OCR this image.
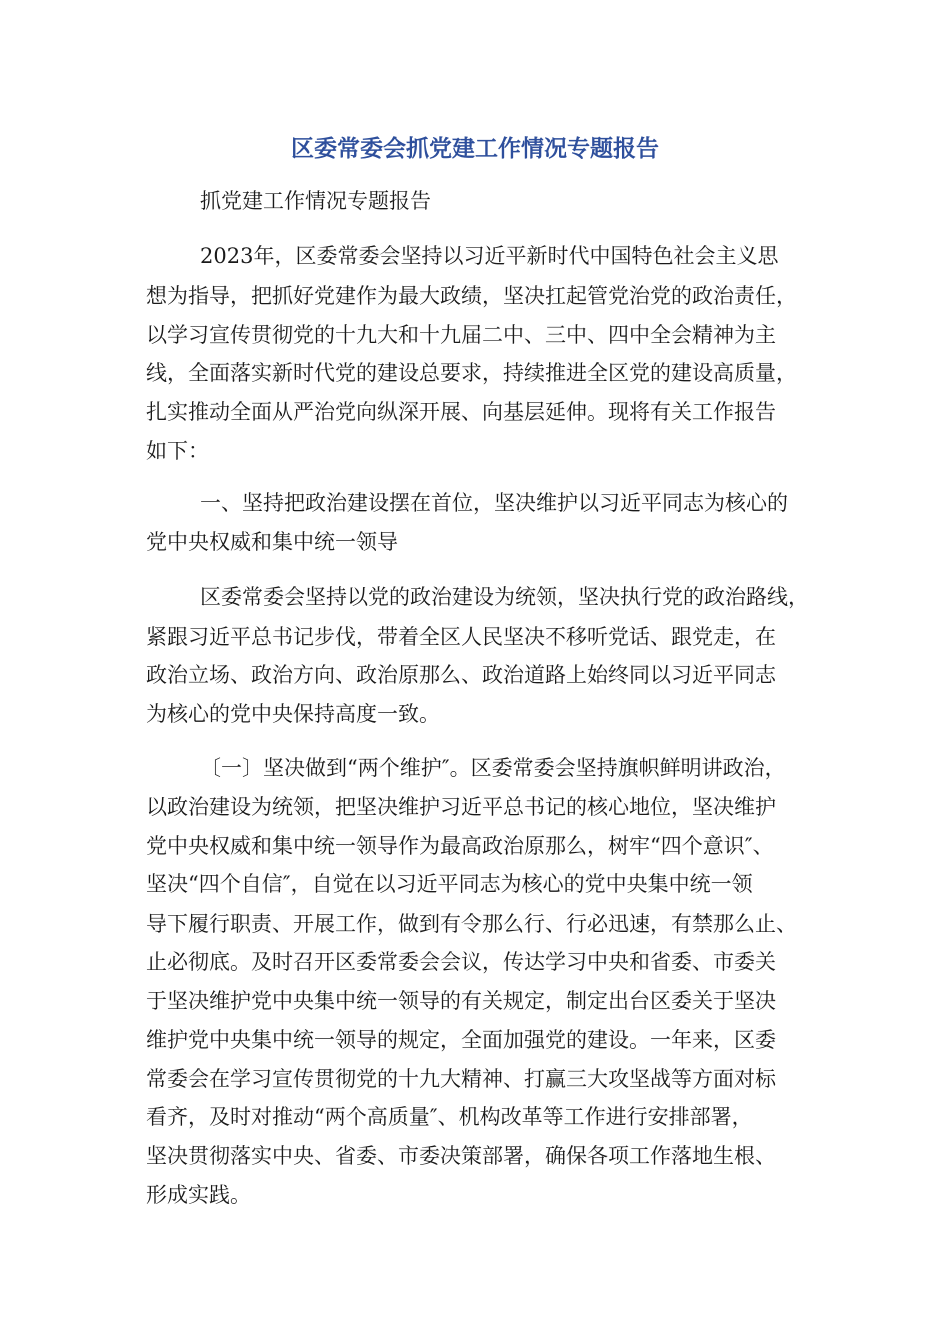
区委常委会抓党建工作情况专题报告
抓党建工作情况专题报告
2023年，区委常委会坚持以习近平新时代中国特色社会主义思
想为指导，把抓好党建作为最大政绩，坚决扛起管党治党的政治责任，
以学习宣传贯彻党的十九大和十九届二中、三中、四中全会精神为主
线，全面落实新时代党的建设总要求，持续推进全区党的建设高质量，
扎实推动全面从严治党向纵深开展、向基层延伸。现将有关工作报告
如下：
一、坚持把政治建设摆在首位，坚决维护以习近平同志为核心的
党中央权威和集中统一领导
区委常委会坚持以党的政治建设为统领，坚决执行党的政治路线，
紧跟习近平总书记步伐，带着全区人民坚决不移听党话、跟党走，在
政治立场、政治方向、政治原那么、政治道路上始终同以习近平同志
为核心的党中央保持高度一致。
〔一〕坚决做到“两个维护″。区委常委会坚持旗帜鲜明讲政治，
以政治建设为统领，把坚决维护习近平总书记的核心地位，坚决维护
党中央权威和集中统一领导作为最高政治原那么，树牢“四个意识″、
坚决“四个自信″，自觉在以习近平同志为核心的党中央集中统一领
导下履行职责、开展工作，做到有令那么行、行必迅速，有禁那么止、
止必彻底。及时召开区委常委会会议，传达学习中央和省委、市委关
于坚决维护党中央集中统一领导的有关规定，制定出台区委关于坚决
维护党中央集中统一领导的规定，全面加强党的建设。一年来，区委
常委会在学习宣传贯彻党的十九大精神、打赢三大攻坚战等方面对标
看齐，及时对推动“两个高质量″、机构改革等工作进行安排部署，
坚决贯彻落实中央、省委、市委决策部署，确保各项工作落地生根、
形成实践。
